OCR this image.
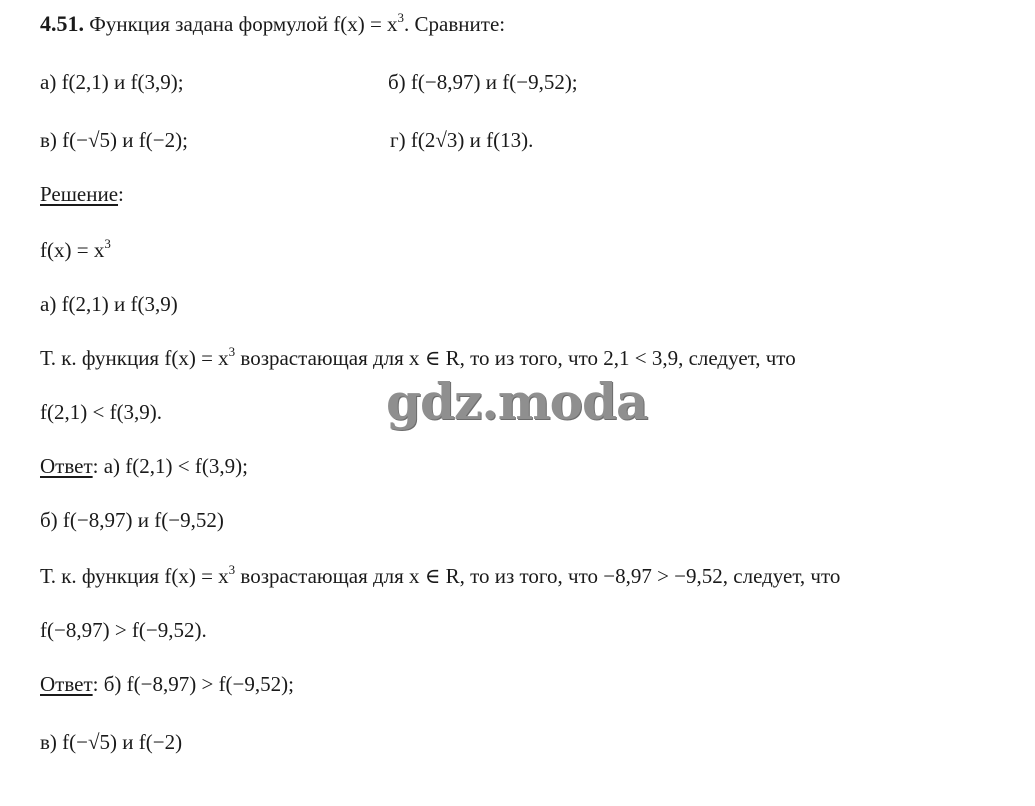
4.51. Функция задана формулой $f(x) = x^3$. Сравните:
а) f(2,1) и f(3,9);	б) f(−8,97) и f(−9,52);
в) f(−√5) и f(−2);	г) f(2√3) и f(13).
Решение:
$f(x) = x^3$
а) f(2,1) и f(3,9)
Т. к. функция $f(x) = x^3$ возрастающая для x ∈ R, то из того, что 2,1 < 3,9, следует, что
f(2,1) < f(3,9).
Ответ: а) f(2,1) < f(3,9);
б) f(−8,97) и f(−9,52)
Т. к. функция $f(x) = x^3$ возрастающая для x ∈ R, то из того, что −8,97 > −9,52, следует, что
f(−8,97) > f(−9,52).
Ответ: б) f(−8,97) > f(−9,52);
в) f(−√5) и f(−2)
gdz.moda
